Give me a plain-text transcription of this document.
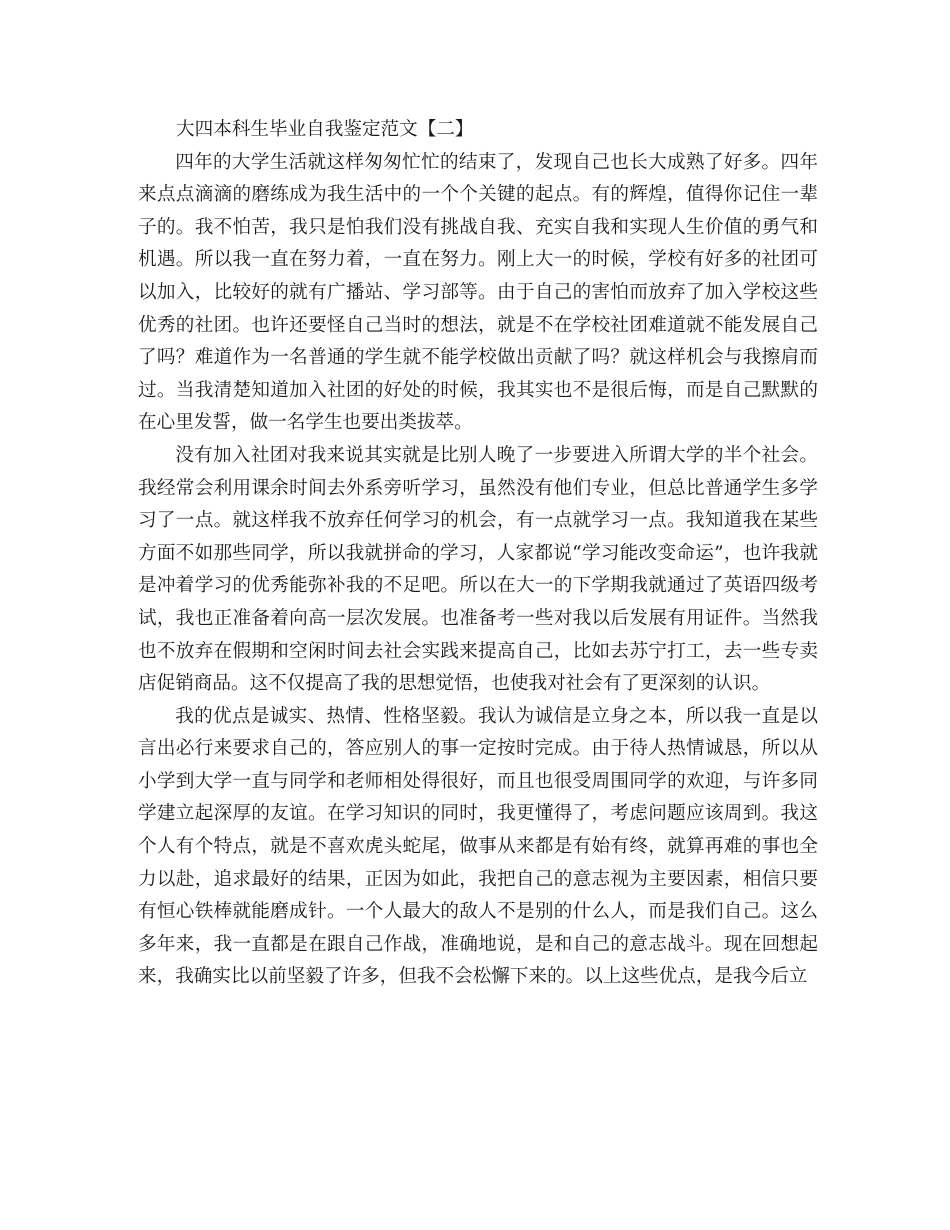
大四本科生毕业自我鉴定范文【二】

四年的大学生活就这样匆匆忙忙的结束了，发现自己也长大成熟了好多。四年来点点滴滴的磨练成为我生活中的一个个关键的起点。有的辉煌，值得你记住一辈子的。我不怕苦，我只是怕我们没有挑战自我、充实自我和实现人生价值的勇气和机遇。所以我一直在努力着，一直在努力。刚上大一的时候，学校有好多的社团可以加入，比较好的就有广播站、学习部等。由于自己的害怕而放弃了加入学校这些优秀的社团。也许还要怪自己当时的想法，就是不在学校社团难道就不能发展自己了吗？难道作为一名普通的学生就不能学校做出贡献了吗？就这样机会与我擦肩而过。当我清楚知道加入社团的好处的时候，我其实也不是很后悔，而是自己默默的在心里发誓，做一名学生也要出类拔萃。

没有加入社团对我来说其实就是比别人晚了一步要进入所谓大学的半个社会。我经常会利用课余时间去外系旁听学习，虽然没有他们专业，但总比普通学生多学习了一点。就这样我不放弃任何学习的机会，有一点就学习一点。我知道我在某些方面不如那些同学，所以我就拼命的学习，人家都说“学习能改变命运”，也许我就是冲着学习的优秀能弥补我的不足吧。所以在大一的下学期我就通过了英语四级考试，我也正准备着向高一层次发展。也准备考一些对我以后发展有用证件。当然我也不放弃在假期和空闲时间去社会实践来提高自己，比如去苏宁打工，去一些专卖店促销商品。这不仅提高了我的思想觉悟，也使我对社会有了更深刻的认识。

我的优点是诚实、热情、性格坚毅。我认为诚信是立身之本，所以我一直是以言出必行来要求自己的，答应别人的事一定按时完成。由于待人热情诚恳，所以从小学到大学一直与同学和老师相处得很好，而且也很受周围同学的欢迎，与许多同学建立起深厚的友谊。在学习知识的同时，我更懂得了，考虑问题应该周到。我这个人有个特点，就是不喜欢虎头蛇尾，做事从来都是有始有终，就算再难的事也全力以赴，追求最好的结果，正因为如此，我把自己的意志视为主要因素，相信只要有恒心铁棒就能磨成针。一个人最大的敌人不是别的什么人，而是我们自己。这么多年来，我一直都是在跟自己作战，准确地说，是和自己的意志战斗。现在回想起来，我确实比以前坚毅了许多，但我不会松懈下来的。以上这些优点，是我今后立
